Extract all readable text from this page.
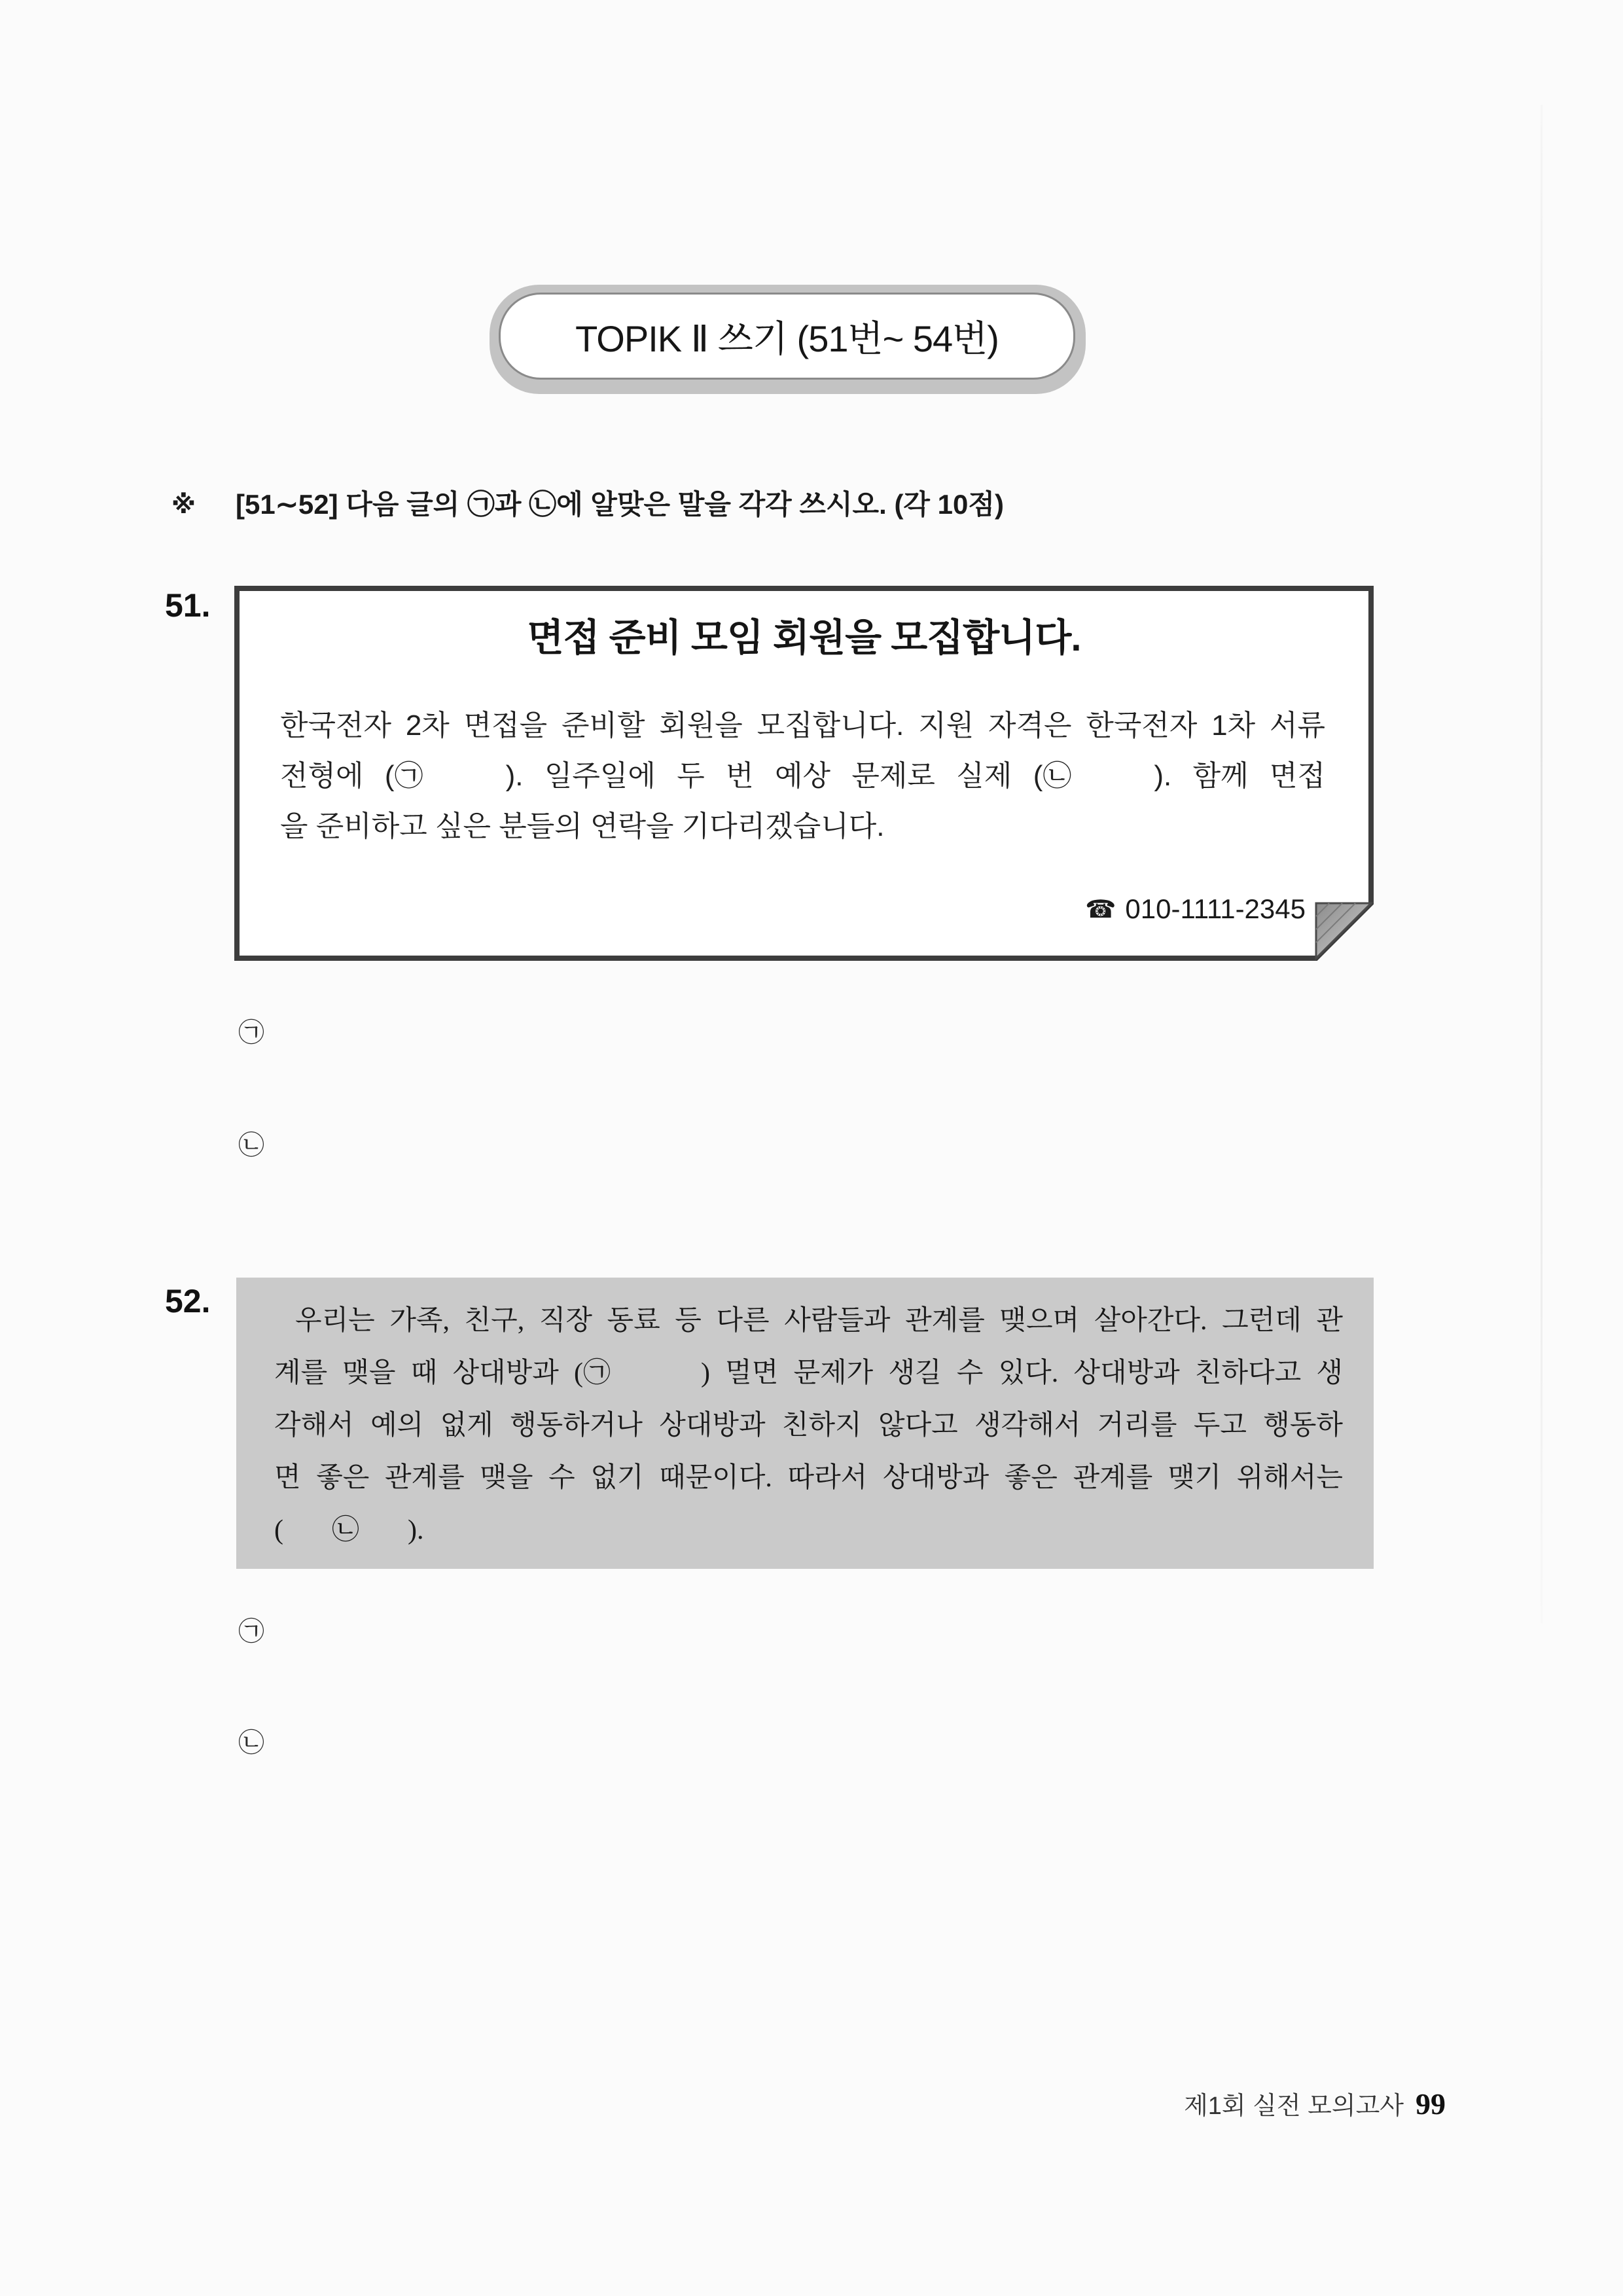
TOPIK Ⅱ 쓰기 (51번~ 54번)
※ [51∼52] 다음 글의 ㉠과 ㉡에 알맞은 말을 각각 쓰시오. (각 10점)
51.
면접 준비 모임 회원을 모집합니다.
한국전자 2차 면접을 준비할 회원을 모집합니다. 지원 자격은 한국전자 1차 서류
전형에 (㉠	). 일주일에 두 번 예상 문제로 실제 (㉡	). 함께 면접
을 준비하고 싶은 분들의 연락을 기다리겠습니다.
☎
010-1111-2345
㉠
㉡
52.
우리는 가족, 친구, 직장 동료 등 다른 사람들과 관계를 맺으며 살아간다. 그런데 관
계를 맺을 때 상대방과 (㉠	) 멀면 문제가 생길 수 있다. 상대방과 친하다고 생
각해서 예의 없게 행동하거나 상대방과 친하지 않다고 생각해서 거리를 두고 행동하
면 좋은 관계를 맺을 수 없기 때문이다. 따라서 상대방과 좋은 관계를 맺기 위해서는
( ㉡ ).
㉠
㉡
제1회 실전 모의고사 99
